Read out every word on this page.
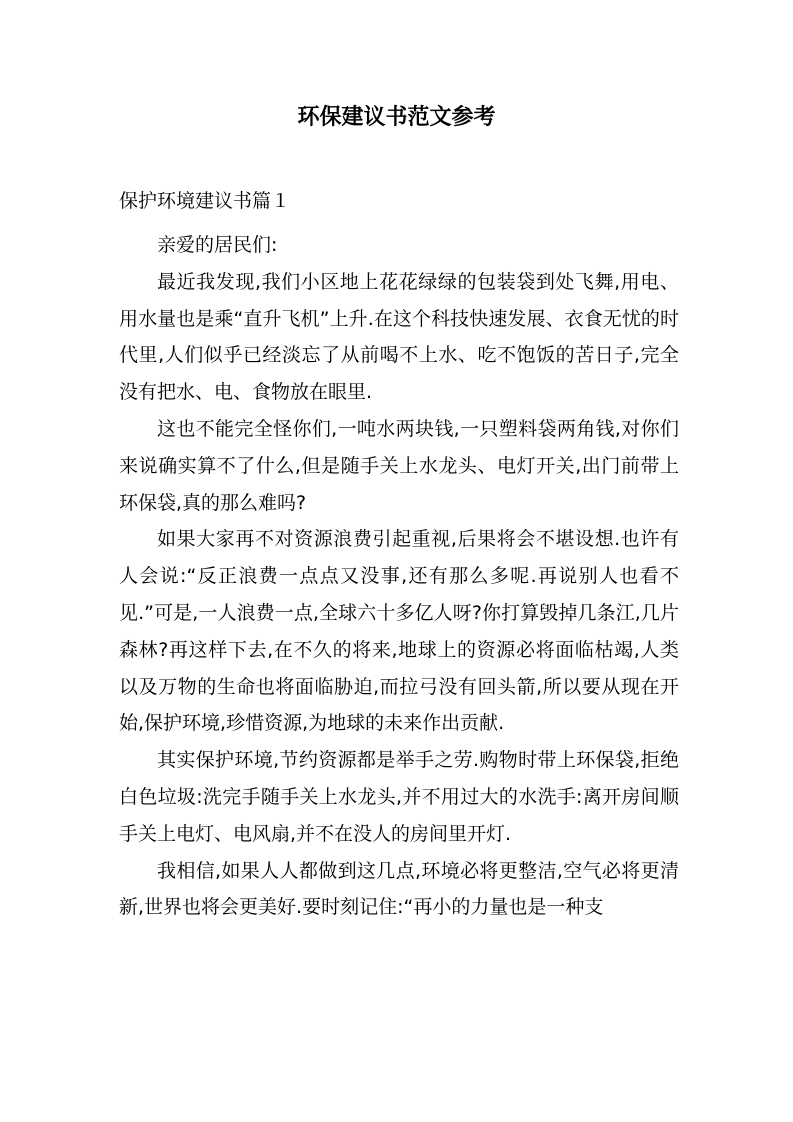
环保建议书范文参考
保护环境建议书篇１

亲爱的居民们:

最近我发现,我们小区地上花花绿绿的包装袋到处飞舞,用电、用水量也是乘“直升飞机”上升.在这个科技快速发展、衣食无忧的时代里,人们似乎已经淡忘了从前喝不上水、吃不饱饭的苦日子,完全没有把水、电、食物放在眼里.

这也不能完全怪你们,一吨水两块钱,一只塑料袋两角钱,对你们来说确实算不了什么,但是随手关上水龙头、电灯开关,出门前带上环保袋,真的那么难吗?

如果大家再不对资源浪费引起重视,后果将会不堪设想.也许有人会说:“反正浪费一点点又没事,还有那么多呢.再说别人也看不见.”可是,一人浪费一点,全球六十多亿人呀?你打算毁掉几条江,几片森林?再这样下去,在不久的将来,地球上的资源必将面临枯竭,人类以及万物的生命也将面临胁迫,而拉弓没有回头箭,所以要从现在开始,保护环境,珍惜资源,为地球的未来作出贡献.

其实保护环境,节约资源都是举手之劳.购物时带上环保袋,拒绝白色垃圾:洗完手随手关上水龙头,并不用过大的水洗手:离开房间顺手关上电灯、电风扇,并不在没人的房间里开灯.

我相信,如果人人都做到这几点,环境必将更整洁,空气必将更清新,世界也将会更美好.要时刻记住:“再小的力量也是一种支
